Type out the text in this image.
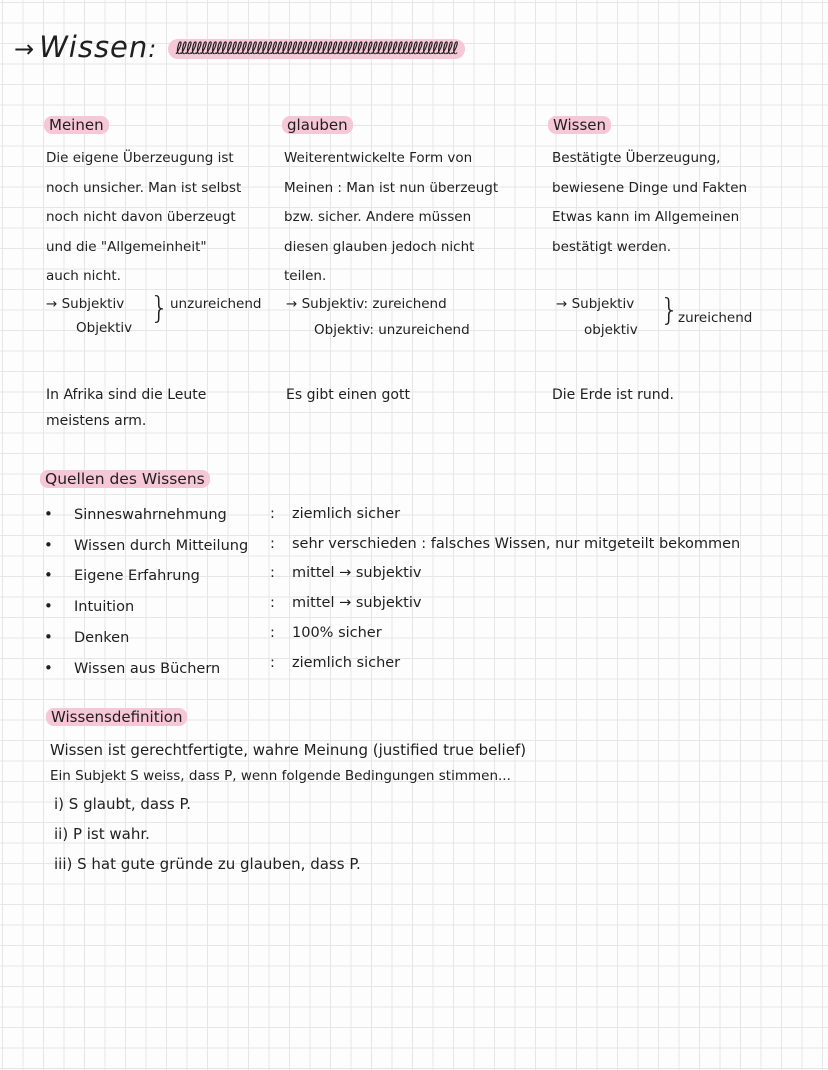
→ Wissen: ℓℓℓℓℓℓℓℓℓℓℓℓℓℓℓℓℓℓℓℓℓℓℓℓℓℓℓℓℓℓℓℓℓℓℓℓℓℓℓℓℓℓℓℓℓℓℓℓℓℓℓℓℓℓℓℓ
Meinen
Die eigene Überzeugung ist
noch unsicher. Man ist selbst
noch nicht davon überzeugt
und die "Allgemeinheit"
auch nicht.
→ Subjektiv
Objektiv
} unzureichend
In Afrika sind die Leute
meistens arm.
glauben
Weiterentwickelte Form von
Meinen : Man ist nun überzeugt
bzw. sicher. Andere müssen
diesen glauben jedoch nicht
teilen.
→ Subjektiv: zureichend
Objektiv: unzureichend
Es gibt einen gott
Wissen
Bestätigte Überzeugung,
bewiesene Dinge und Fakten
Etwas kann im Allgemeinen
bestätigt werden.
→ Subjektiv
objektiv
}
zureichend
Die Erde ist rund.
Quellen des Wissens
• Sinneswahrnehmung
• Wissen durch Mitteilung
• Eigene Erfahrung
• Intuition
• Denken
• Wissen aus Büchern
: ziemlich sicher
: sehr verschieden : falsches Wissen, nur mitgeteilt bekommen
: mittel → subjektiv
: mittel → subjektiv
: 100% sicher
: ziemlich sicher
Wissensdefinition
Wissen ist gerechtfertigte, wahre Meinung (justified true belief)
Ein Subjekt S weiss, dass P, wenn folgende Bedingungen stimmen...
i) S glaubt, dass P.
ii) P ist wahr.
iii) S hat gute gründe zu glauben, dass P.
